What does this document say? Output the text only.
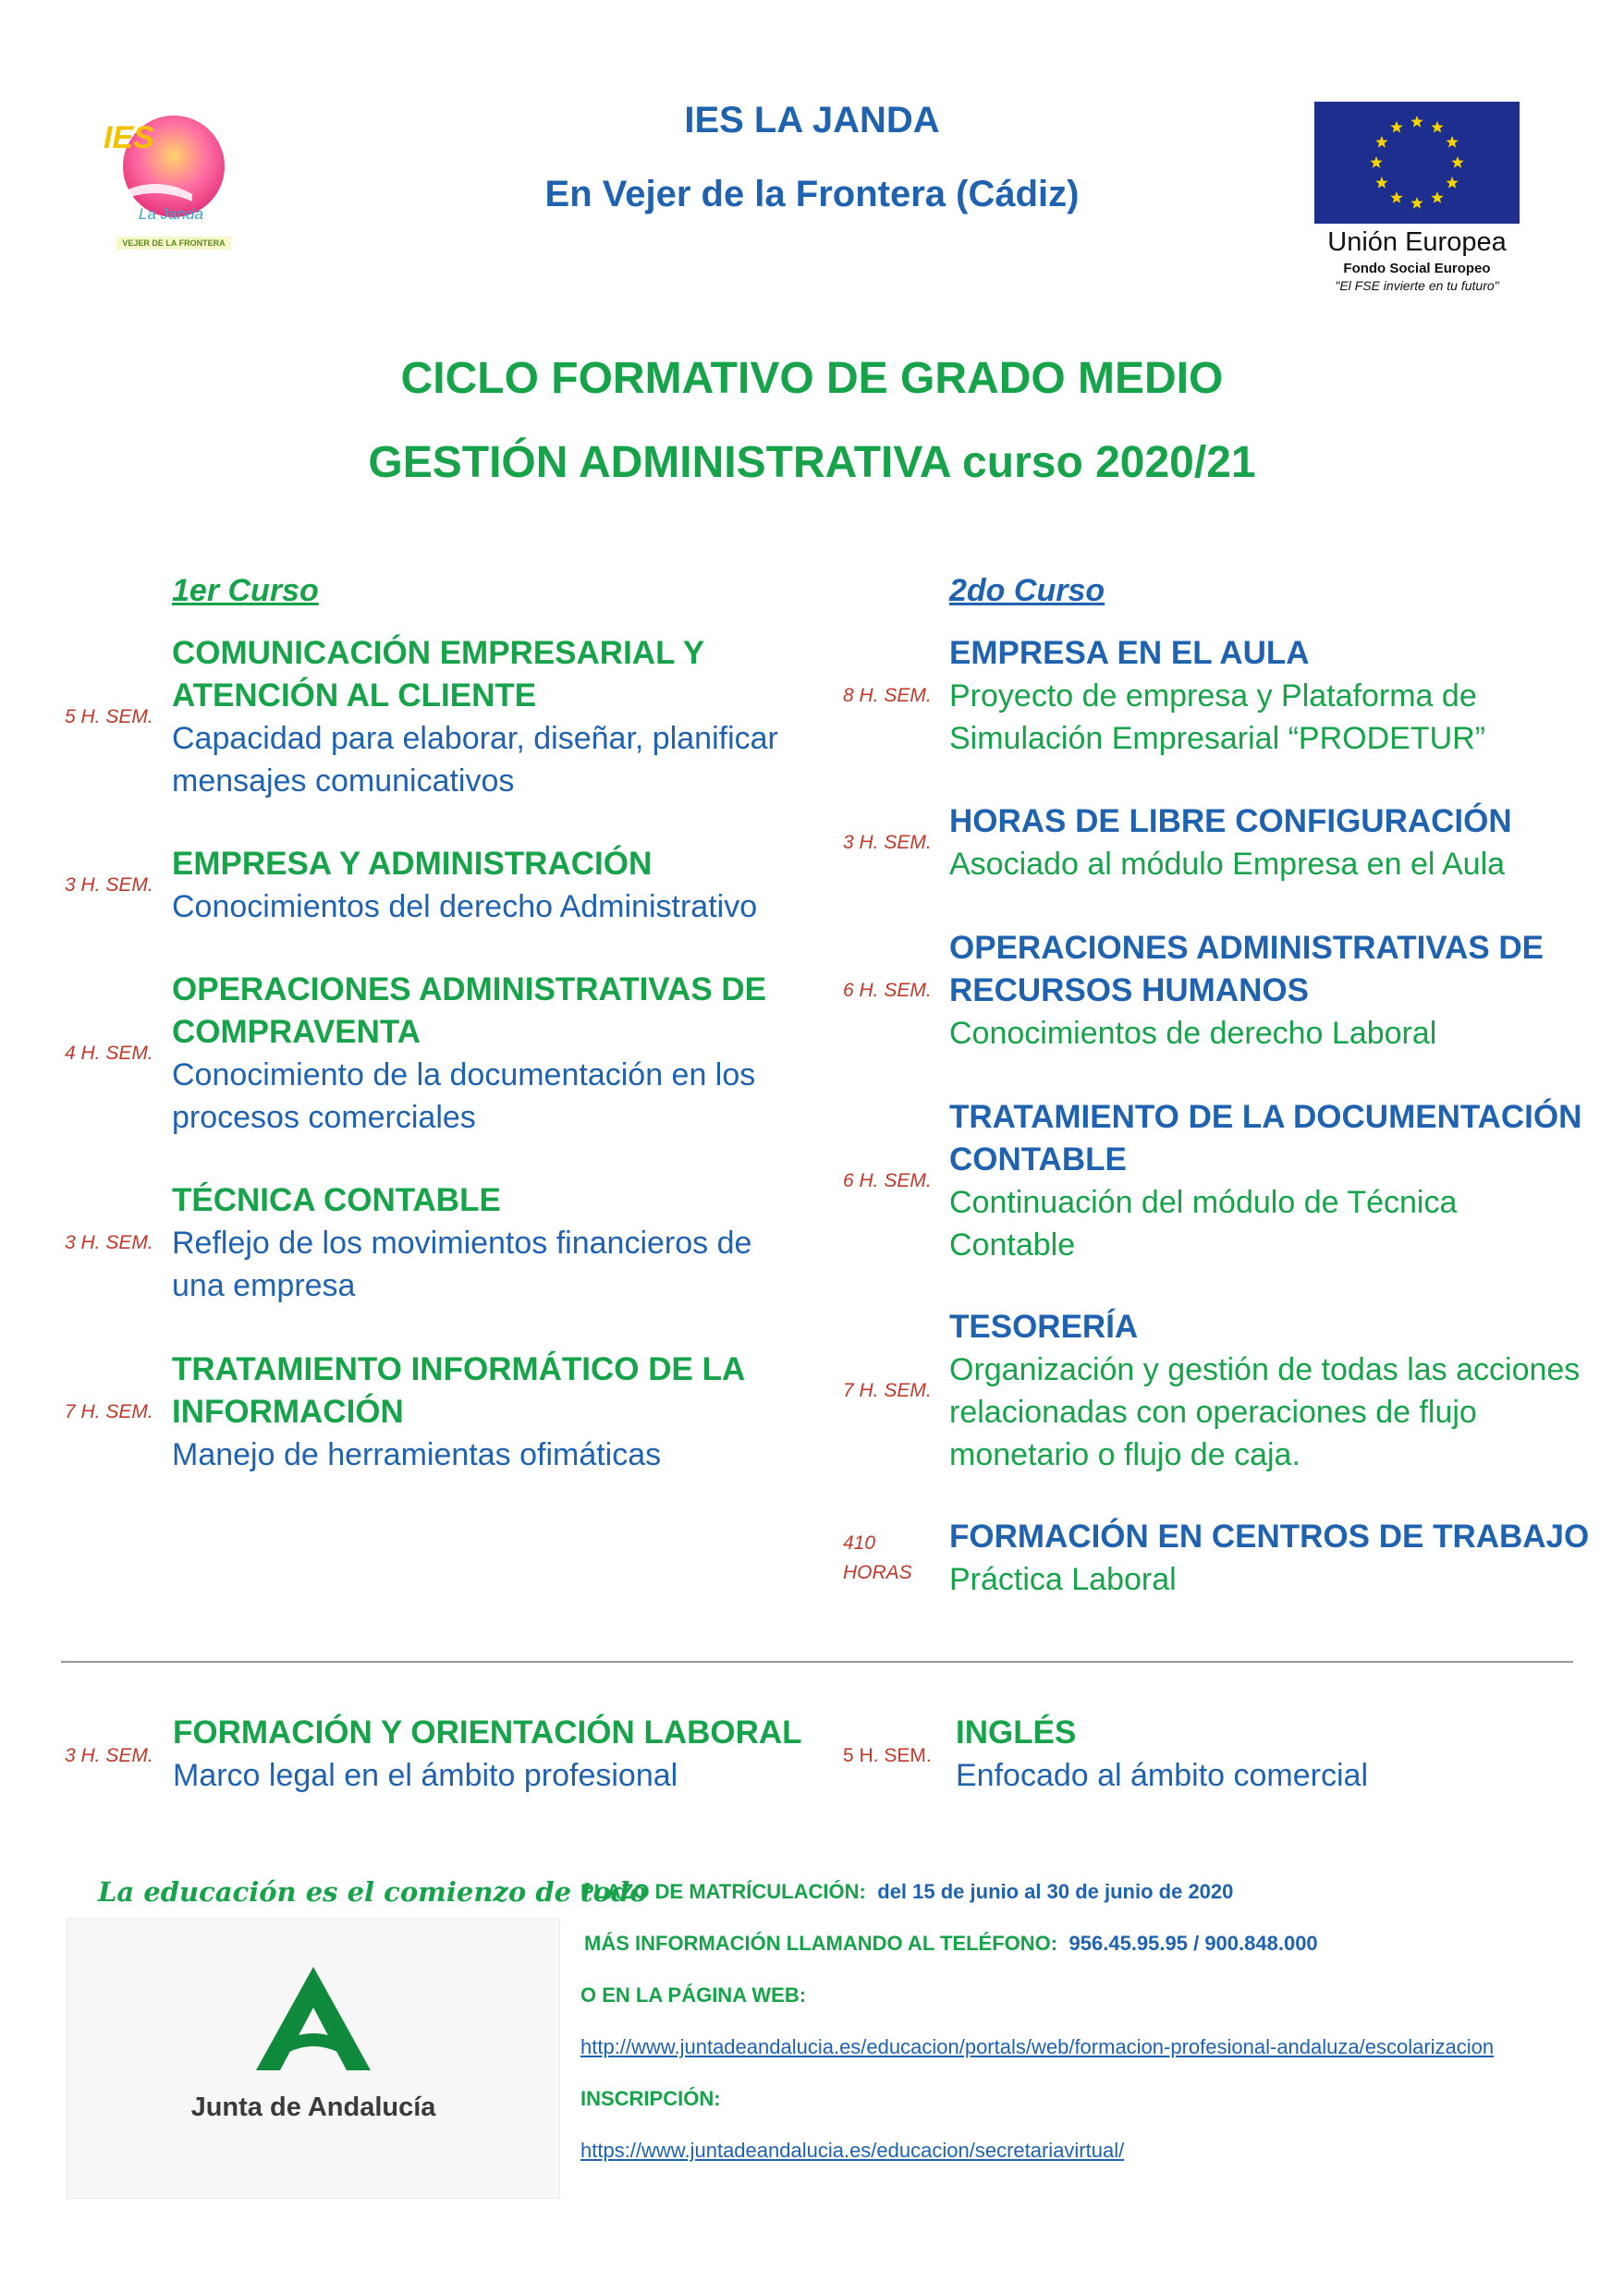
IES
La Janda
VEJER DE LA FRONTERA
IES LA JANDA
En Vejer de la Frontera (Cádiz)
Unión Europea
Fondo Social Europeo
"El FSE invierte en tu futuro"
CICLO FORMATIVO DE GRADO MEDIO
GESTIÓN ADMINISTRATIVA curso 2020/21
1er Curso	2do Curso
5 H. SEM.
COMUNICACIÓN EMPRESARIAL Y
ATENCIÓN AL CLIENTE
Capacidad para elaborar, diseñar, planificar
mensajes comunicativos
3 H. SEM.
EMPRESA Y ADMINISTRACIÓN
Conocimientos del derecho Administrativo
4 H. SEM.
OPERACIONES ADMINISTRATIVAS DE
COMPRAVENTA
Conocimiento de la documentación en los
procesos comerciales
3 H. SEM.
TÉCNICA CONTABLE
Reflejo de los movimientos financieros de
una empresa
7 H. SEM.
TRATAMIENTO INFORMÁTICO DE LA
INFORMACIÓN
Manejo de herramientas ofimáticas
8 H. SEM.
EMPRESA EN EL AULA
Proyecto de empresa y Plataforma de
Simulación Empresarial “PRODETUR”
3 H. SEM.
HORAS DE LIBRE CONFIGURACIÓN
Asociado al módulo Empresa en el Aula
6 H. SEM.
OPERACIONES ADMINISTRATIVAS DE
RECURSOS HUMANOS
Conocimientos de derecho Laboral
6 H. SEM.
TRATAMIENTO DE LA DOCUMENTACIÓN
CONTABLE
Continuación del módulo de Técnica
Contable
7 H. SEM.
TESORERÍA
Organización y gestión de todas las acciones
relacionadas con operaciones de flujo
monetario o flujo de caja.
410
HORAS
FORMACIÓN EN CENTROS DE TRABAJO
Práctica Laboral
3 H. SEM.
FORMACIÓN Y ORIENTACIÓN LABORAL
Marco legal en el ámbito profesional
5 H. SEM.
INGLÉS
Enfocado al ámbito comercial
La educación es el comienzo de todo
Junta de Andalucía
PLAZO DE MATRÍCULACIÓN: del 15 de junio al 30 de junio de 2020
MÁS INFORMACIÓN LLAMANDO AL TELÉFONO: 956.45.95.95 / 900.848.000
O EN LA PÁGINA WEB:
http://www.juntadeandalucia.es/educacion/portals/web/formacion-profesional-andaluza/escolarizacion
INSCRIPCIÓN:
https://www.juntadeandalucia.es/educacion/secretariavirtual/
